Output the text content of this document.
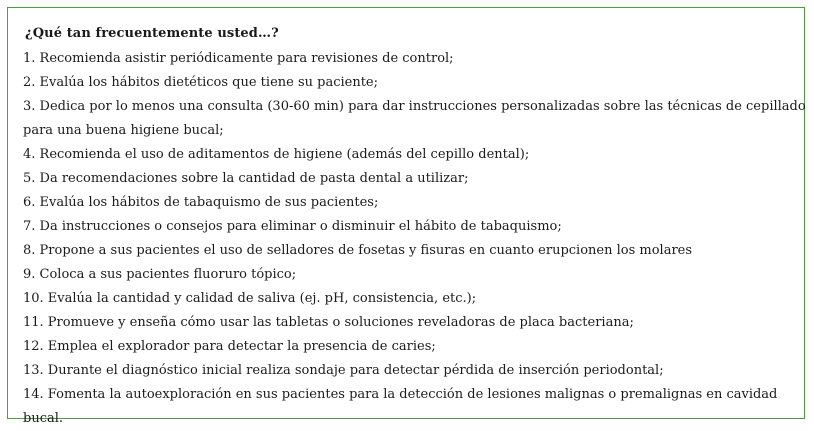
¿Qué tan frecuentemente usted…?
1. Recomienda asistir periódicamente para revisiones de control;
2. Evalúa los hábitos dietéticos que tiene su paciente;
3. Dedica por lo menos una consulta (30-60 min) para dar instrucciones personalizadas sobre las técnicas de cepillado para una buena higiene bucal;
4. Recomienda el uso de aditamentos de higiene (además del cepillo dental);
5. Da recomendaciones sobre la cantidad de pasta dental a utilizar;
6. Evalúa los hábitos de tabaquismo de sus pacientes;
7. Da instrucciones o consejos para eliminar o disminuir el hábito de tabaquismo;
8. Propone a sus pacientes el uso de selladores de fosetas y fisuras en cuanto erupcionen los molares
9. Coloca a sus pacientes fluoruro tópico;
10. Evalúa la cantidad y calidad de saliva (ej. pH, consistencia, etc.);
11. Promueve y enseña cómo usar las tabletas o soluciones reveladoras de placa bacteriana;
12. Emplea el explorador para detectar la presencia de caries;
13. Durante el diagnóstico inicial realiza sondaje para detectar pérdida de inserción periodontal;
14. Fomenta la autoexploración en sus pacientes para la detección de lesiones malignas o premalignas en cavidad bucal.
